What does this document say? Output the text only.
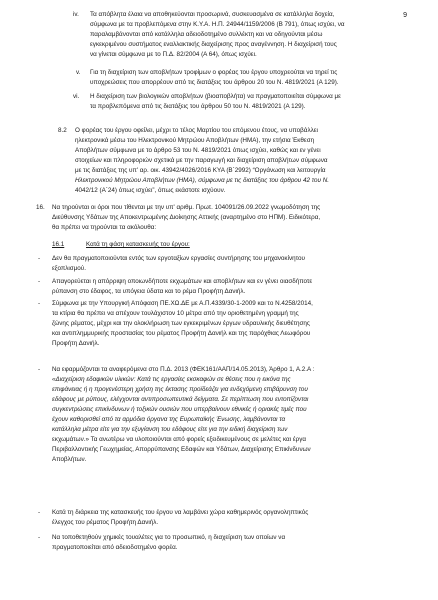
9
iv. Τα απόβλητα έλαια να αποθηκεύονται προσωρινά, συσκευασμένα σε κατάλληλα δοχεία,
σύμφωνα με τα προβλεπόμενα στην Κ.Υ.Α. Η.Π. 24944/1159/2006 (Β 791), όπως ισχύει, να
παραλαμβάνονται από κατάλληλα αδειοδοτημένο συλλέκτη και να οδηγούνται μέσω
εγκεκριμένου συστήματος εναλλακτικής διαχείρισης προς αναγέννηση. Η διαχείρισή τους
να γίνεται σύμφωνα με το Π.Δ. 82/2004 (Α 64), όπως ισχύει.
v. Για τη διαχείριση των αποβλήτων τροφίμων ο φορέας του έργου υποχρεούται να τηρεί τις
υποχρεώσεις που απορρέουν από τις διατάξεις του άρθρου 20 του Ν. 4819/2021 (Α 129).
vi. Η διαχείριση των βιολογικών αποβλήτων (βιοαποβλήτα) να πραγματοποιείται σύμφωνα με
τα προβλεπόμενα από τις διατάξεις του άρθρου 50 του Ν. 4819/2021 (Α 129).
8.2 Ο φορέας του έργου οφείλει, μέχρι το τέλος Μαρτίου του επόμενου έτους, να υποβάλλει
ηλεκτρονικά μέσω του Ηλεκτρονικού Μητρώου Αποβλήτων (ΗΜΑ), την ετήσια Έκθεση
Αποβλήτων σύμφωνα με το άρθρο 53 του Ν. 4819/2021 όπως ισχύει, καθώς και εν γένει
στοιχείων και πληροφοριών σχετικά με την παραγωγή και διαχείριση αποβλήτων σύμφωνα
με τις διατάξεις της υπ' αρ. οικ. 43942/4026/2016 ΚΥΑ (Β΄2992) “Οργάνωση και λειτουργία
Ηλεκτρονικού Μητρώου Αποβλήτων (ΗΜΑ), σύμφωνα με τις διατάξεις του άρθρου 42 του Ν.
4042/12 (Α΄24) όπως ισχύει”, όπως εκάστοτε ισχύουν.
16. Να τηρούνται οι όροι που τίθενται με την υπ' αριθμ. Πρωτ. 104091/26.09.2022 γνωμοδότηση της
Διεύθυνσης Υδάτων της Αποκεντρωμένης Διοίκησης Αττικής (αναρτημένο στο ΗΠΜ). Ειδικότερα,
θα πρέπει να τηρούνται τα ακόλουθα:
16.1	Κατά τη φάση κατασκευής του έργου:
- Δεν θα πραγματοποιούνται εντός των εργοταξίων εργασίες συντήρησης του μηχανοκίνητου
εξοπλισμού.
- Απαγορεύεται η απόρριψη οποιωνδήποτε εκχωμάτων και αποβλήτων και εν γένει οιασδήποτε
ρύπανση στο έδαφος, τα υπόγεια ύδατα και το ρέμα Προφήτη Δανιήλ.
- Σύμφωνα με την Υπουργική Απόφαση ΠΕ.ΧΩ.ΔΕ με Α.Π.4339/30-1-2009 και το Ν.4258/2014,
τα κτίρια θα πρέπει να απέχουν τουλάχιστον 10 μέτρα από την οριοθετημένη γραμμή της
ζώνης ρέματος, μέχρι και την ολοκλήρωση των εγκεκριμένων έργων υδραυλικής διευθέτησης
και αντιπλημμυρικής προστασίας του ρέματος Προφήτη Δανιήλ και της παρόχθιας Λεωφόρου
Προφήτη Δανιήλ.
- Να εφαρμόζονται τα αναφερόμενα στο Π.Δ. 2013 (ΦΕΚ161/ΑΑΠ/14.05.2013), Άρθρο 1, Α.2.Α :
«Διαχείριση εδαφικών υλικών: Κατά τις εργασίες εκσκαφών σε θέσεις που η εικόνα της
επιφάνειας ή η προγενέστερη χρήση της έκτασης προϊδεάζει για ενδεχόμενη επιβάρυνση του
εδάφους με ρύπους, ελέγχονται αντιπροσωπευτικά δείγματα. Σε περίπτωση που εντοπίζονται
συγκεντρώσεις επικίνδυνων ή τοξικών ουσιών που υπερβαίνουν εθνικές ή οριακές τιμές που
έχουν καθορισθεί από τα αρμόδια όργανα της Ευρωπαϊκής Ένωσης, λαμβάνονται τα
κατάλληλα μέτρα είτε για την εξυγίανση του εδάφους είτε για την ειδική διαχείριση των
εκχωμάτων.» Τα ανωτέρω να υλοποιούνται από φορείς εξειδικευμένους σε μελέτες και έργα
Περιβαλλοντικής Γεωχημείας, Απορρύπανσης Εδαφών και Υδάτων, Διαχείρισης Επικίνδυνων
Αποβλήτων.
- Κατά τη διάρκεια της κατασκευής του έργου να λαμβάνει χώρα καθημερινός οργανοληπτικός
έλεγχος του ρέματος Προφήτη Δανιήλ.
- Να τοποθετηθούν χημικές τουαλέτες για το προσωπικό, η διαχείριση των οποίων να
πραγματοποιείται από αδειοδοτημένο φορέα.
